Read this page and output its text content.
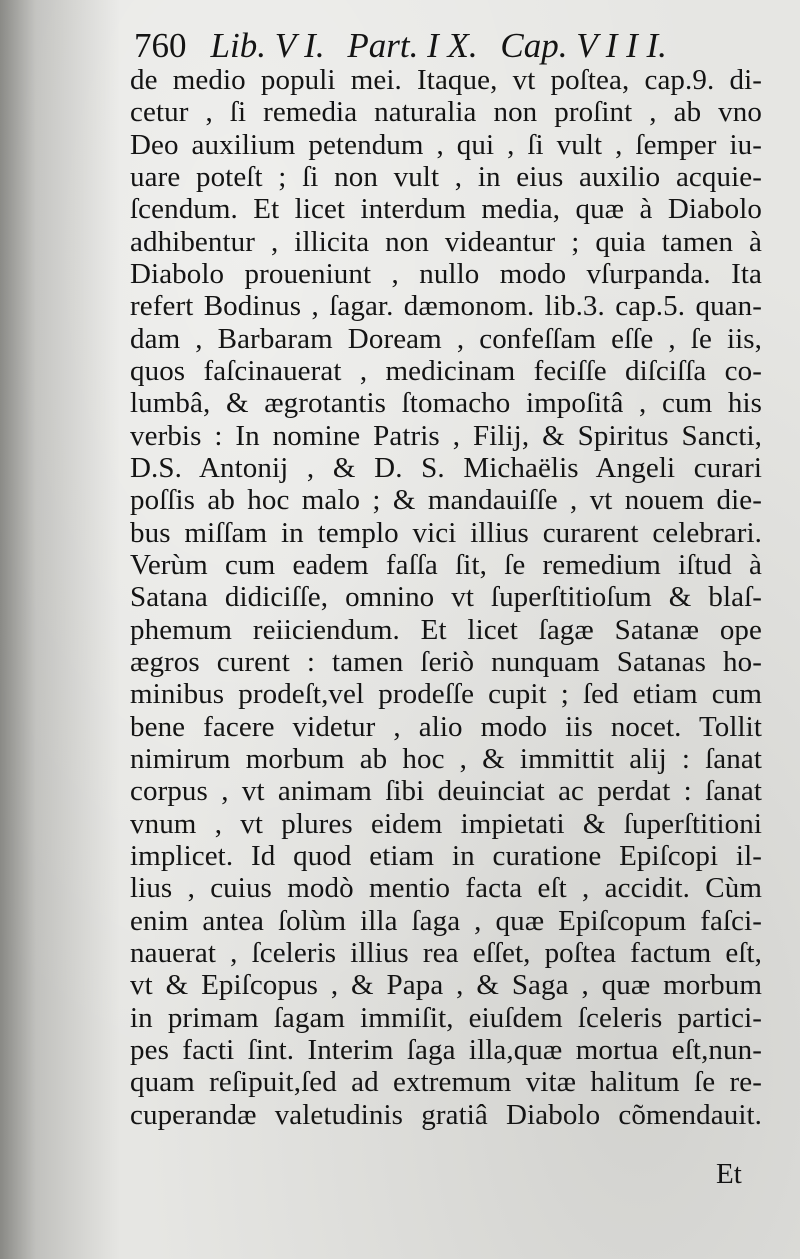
760 Lib. V I. Part. I X. Cap. V I I I.
de medio populi mei. Itaque, vt poſtea, cap.9. di-
cetur , ſi remedia naturalia non proſint , ab vno
Deo auxilium petendum , qui , ſi vult , ſemper iu-
uare poteſt ; ſi non vult , in eius auxilio acquie-
ſcendum. Et licet interdum media, quæ à Diabolo
adhibentur , illicita non videantur ; quia tamen à
Diabolo proueniunt , nullo modo vſurpanda. Ita
refert Bodinus , ſagar. dæmonom. lib.3. cap.5. quan-
dam , Barbaram Doream , confeſſam eſſe , ſe iis,
quos faſcinauerat , medicinam feciſſe diſciſſa co-
lumbâ, & ægrotantis ſtomacho impoſitâ , cum his
verbis : In nomine Patris , Filij, & Spiritus Sancti,
D.S. Antonij , & D. S. Michaëlis Angeli curari
poſſis ab hoc malo ; & mandauiſſe , vt nouem die-
bus miſſam in templo vici illius curarent celebrari.
Verùm cum eadem faſſa ſit, ſe remedium iſtud à
Satana didiciſſe, omnino vt ſuperſtitioſum & blaſ-
phemum reiiciendum. Et licet ſagæ Satanæ ope
ægros curent : tamen ſeriò nunquam Satanas ho-
minibus prodeſt,vel prodeſſe cupit ; ſed etiam cum
bene facere videtur , alio modo iis nocet. Tollit
nimirum morbum ab hoc , & immittit alij : ſanat
corpus , vt animam ſibi deuinciat ac perdat : ſanat
vnum , vt plures eidem impietati & ſuperſtitioni
implicet. Id quod etiam in curatione Epiſcopi il-
lius , cuius modò mentio facta eſt , accidit. Cùm
enim antea ſolùm illa ſaga , quæ Epiſcopum faſci-
nauerat , ſceleris illius rea eſſet, poſtea factum eſt,
vt & Epiſcopus , & Papa , & Saga , quæ morbum
in primam ſagam immiſit, eiuſdem ſceleris partici-
pes facti ſint. Interim ſaga illa,quæ mortua eſt,nun-
quam reſipuit,ſed ad extremum vitæ halitum ſe re-
cuperandæ valetudinis gratiâ Diabolo cõmendauit.
Et
